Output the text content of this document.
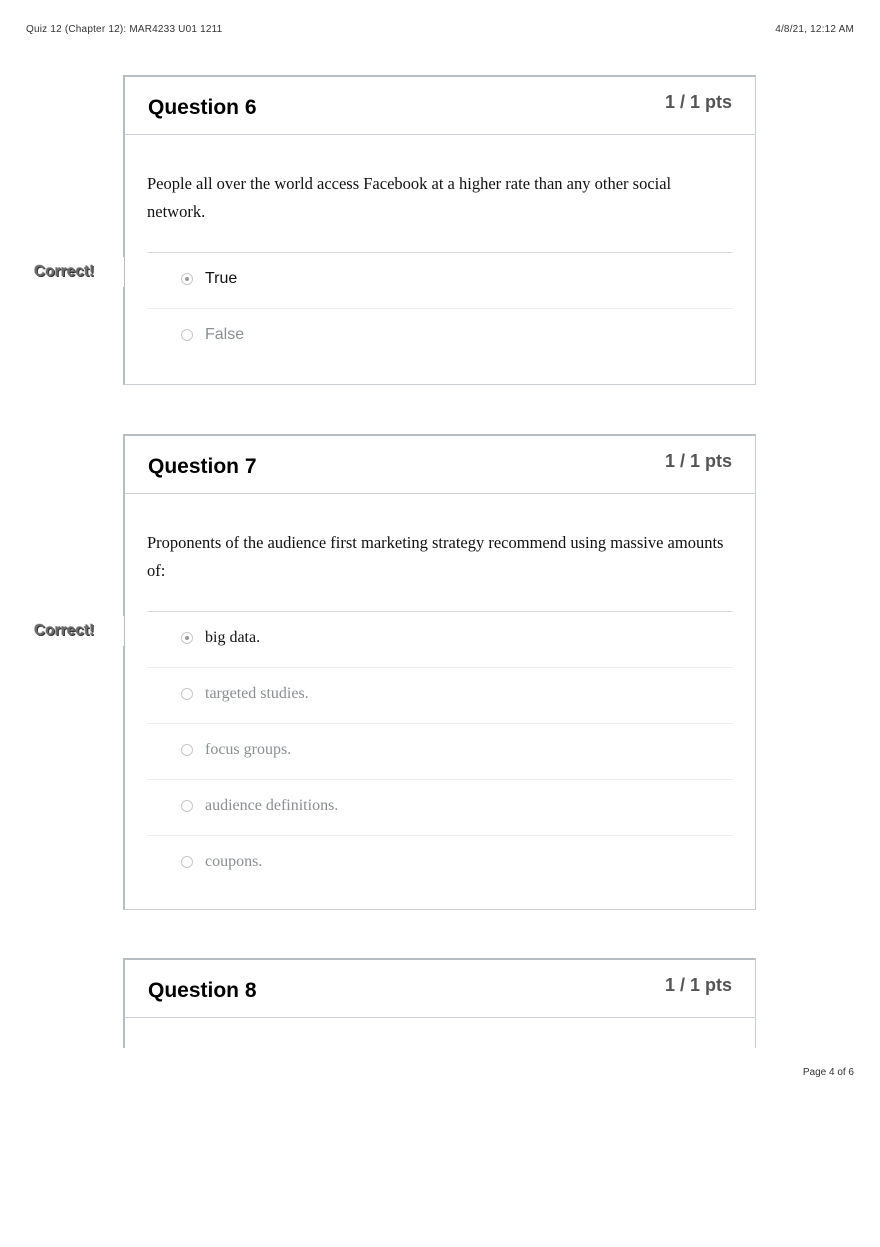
Quiz 12 (Chapter 12): MAR4233 U01 1211	4/8/21, 12:12 AM
Question 6	1 / 1 pts
People all over the world access Facebook at a higher rate than any other social network.
True
False
Correct!
Question 7	1 / 1 pts
Proponents of the audience first marketing strategy recommend using massive amounts of:
big data.
targeted studies.
focus groups.
audience definitions.
coupons.
Correct!
Question 8	1 / 1 pts
Page 4 of 6
